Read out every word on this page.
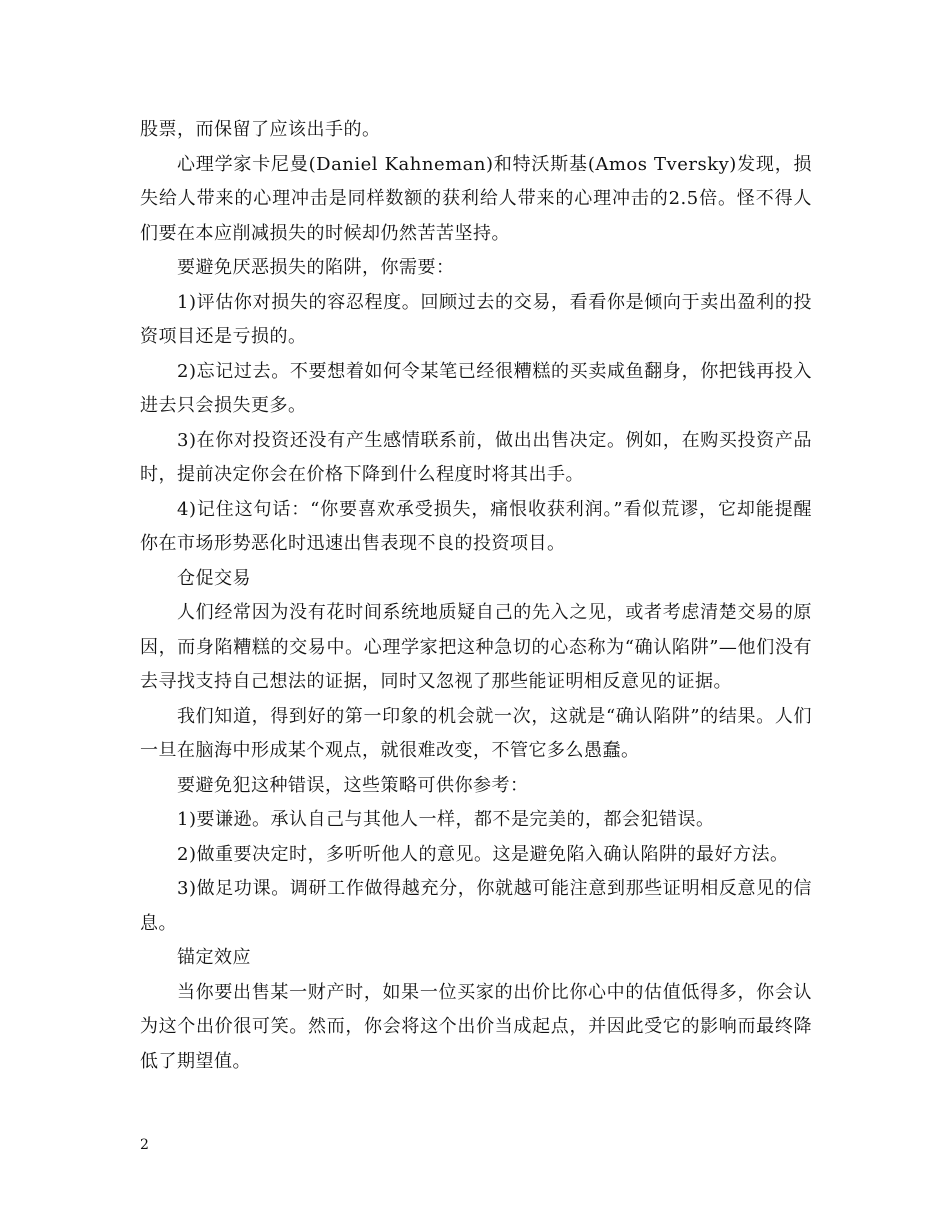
股票，而保留了应该出手的。

心理学家卡尼曼(Daniel Kahneman)和特沃斯基(Amos Tversky)发现，损失给人带来的心理冲击是同样数额的获利给人带来的心理冲击的2.5倍。怪不得人们要在本应削减损失的时候却仍然苦苦坚持。

要避免厌恶损失的陷阱，你需要：

1)评估你对损失的容忍程度。回顾过去的交易，看看你是倾向于卖出盈利的投资项目还是亏损的。

2)忘记过去。不要想着如何令某笔已经很糟糕的买卖咸鱼翻身，你把钱再投入进去只会损失更多。

3)在你对投资还没有产生感情联系前，做出出售决定。例如，在购买投资产品时，提前决定你会在价格下降到什么程度时将其出手。

4)记住这句话：“你要喜欢承受损失，痛恨收获利润。”看似荒谬，它却能提醒你在市场形势恶化时迅速出售表现不良的投资项目。

仓促交易

人们经常因为没有花时间系统地质疑自己的先入之见，或者考虑清楚交易的原因，而身陷糟糕的交易中。心理学家把这种急切的心态称为“确认陷阱”—他们没有去寻找支持自己想法的证据，同时又忽视了那些能证明相反意见的证据。

我们知道，得到好的第一印象的机会就一次，这就是“确认陷阱”的结果。人们一旦在脑海中形成某个观点，就很难改变，不管它多么愚蠢。

要避免犯这种错误，这些策略可供你参考：

1)要谦逊。承认自己与其他人一样，都不是完美的，都会犯错误。

2)做重要决定时，多听听他人的意见。这是避免陷入确认陷阱的最好方法。

3)做足功课。调研工作做得越充分，你就越可能注意到那些证明相反意见的信息。

锚定效应

当你要出售某一财产时，如果一位买家的出价比你心中的估值低得多，你会认为这个出价很可笑。然而，你会将这个出价当成起点，并因此受它的影响而最终降低了期望值。

2
